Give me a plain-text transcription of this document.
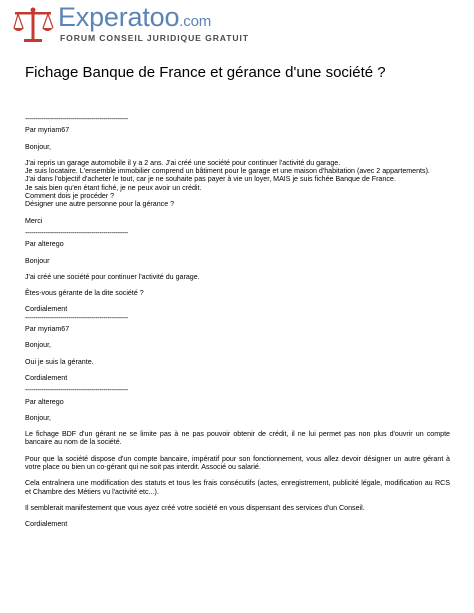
Experatoo.com
FORUM CONSEIL JURIDIQUE GRATUIT
Fichage Banque de France et gérance d'une société ?
--------------------------------------------------
Par myriam67
Bonjour,
J'ai repris un garage automobile il y a 2 ans. J'ai créé une société pour continuer l'activité du garage.
Je suis locataire. L'ensemble immobilier comprend un bâtiment pour le garage et une maison d'habitation (avec 2 appartements).
J'ai dans l'objectif d'acheter le tout, car je ne souhaite pas payer à vie un loyer, MAIS je suis fichée Banque de France.
Je sais bien qu'en étant fiché, je ne peux avoir un crédit.
Comment dois je procéder ?
Désigner une autre personne pour la gérance ?
Merci
--------------------------------------------------
Par alterego
Bonjour
J'ai créé une société pour continuer l'activité du garage.
Êtes-vous gérante de la dite société ?
Cordialement
--------------------------------------------------
Par myriam67
Bonjour,
Oui je suis la gérante.
Cordialement
--------------------------------------------------
Par alterego
Bonjour,
Le fichage BDF d'un gérant ne se limite pas à ne pas pouvoir obtenir de crédit, il ne lui permet pas non plus d'ouvrir un compte bancaire au nom de la société.
Pour que la société dispose d'un compte bancaire, impératif pour son fonctionnement, vous allez devoir désigner un autre gérant à votre place ou bien un co-gérant qui ne soit pas interdit. Associé ou salarié.
Cela entraînera une modification des statuts et tous les frais consécutifs (actes, enregistrement, publicité légale, modification au RCS et Chambre des Métiers vu l'activité etc...).
Il semblerait manifestement que vous ayez créé votre société en vous dispensant des services d'un Conseil.
Cordialement
